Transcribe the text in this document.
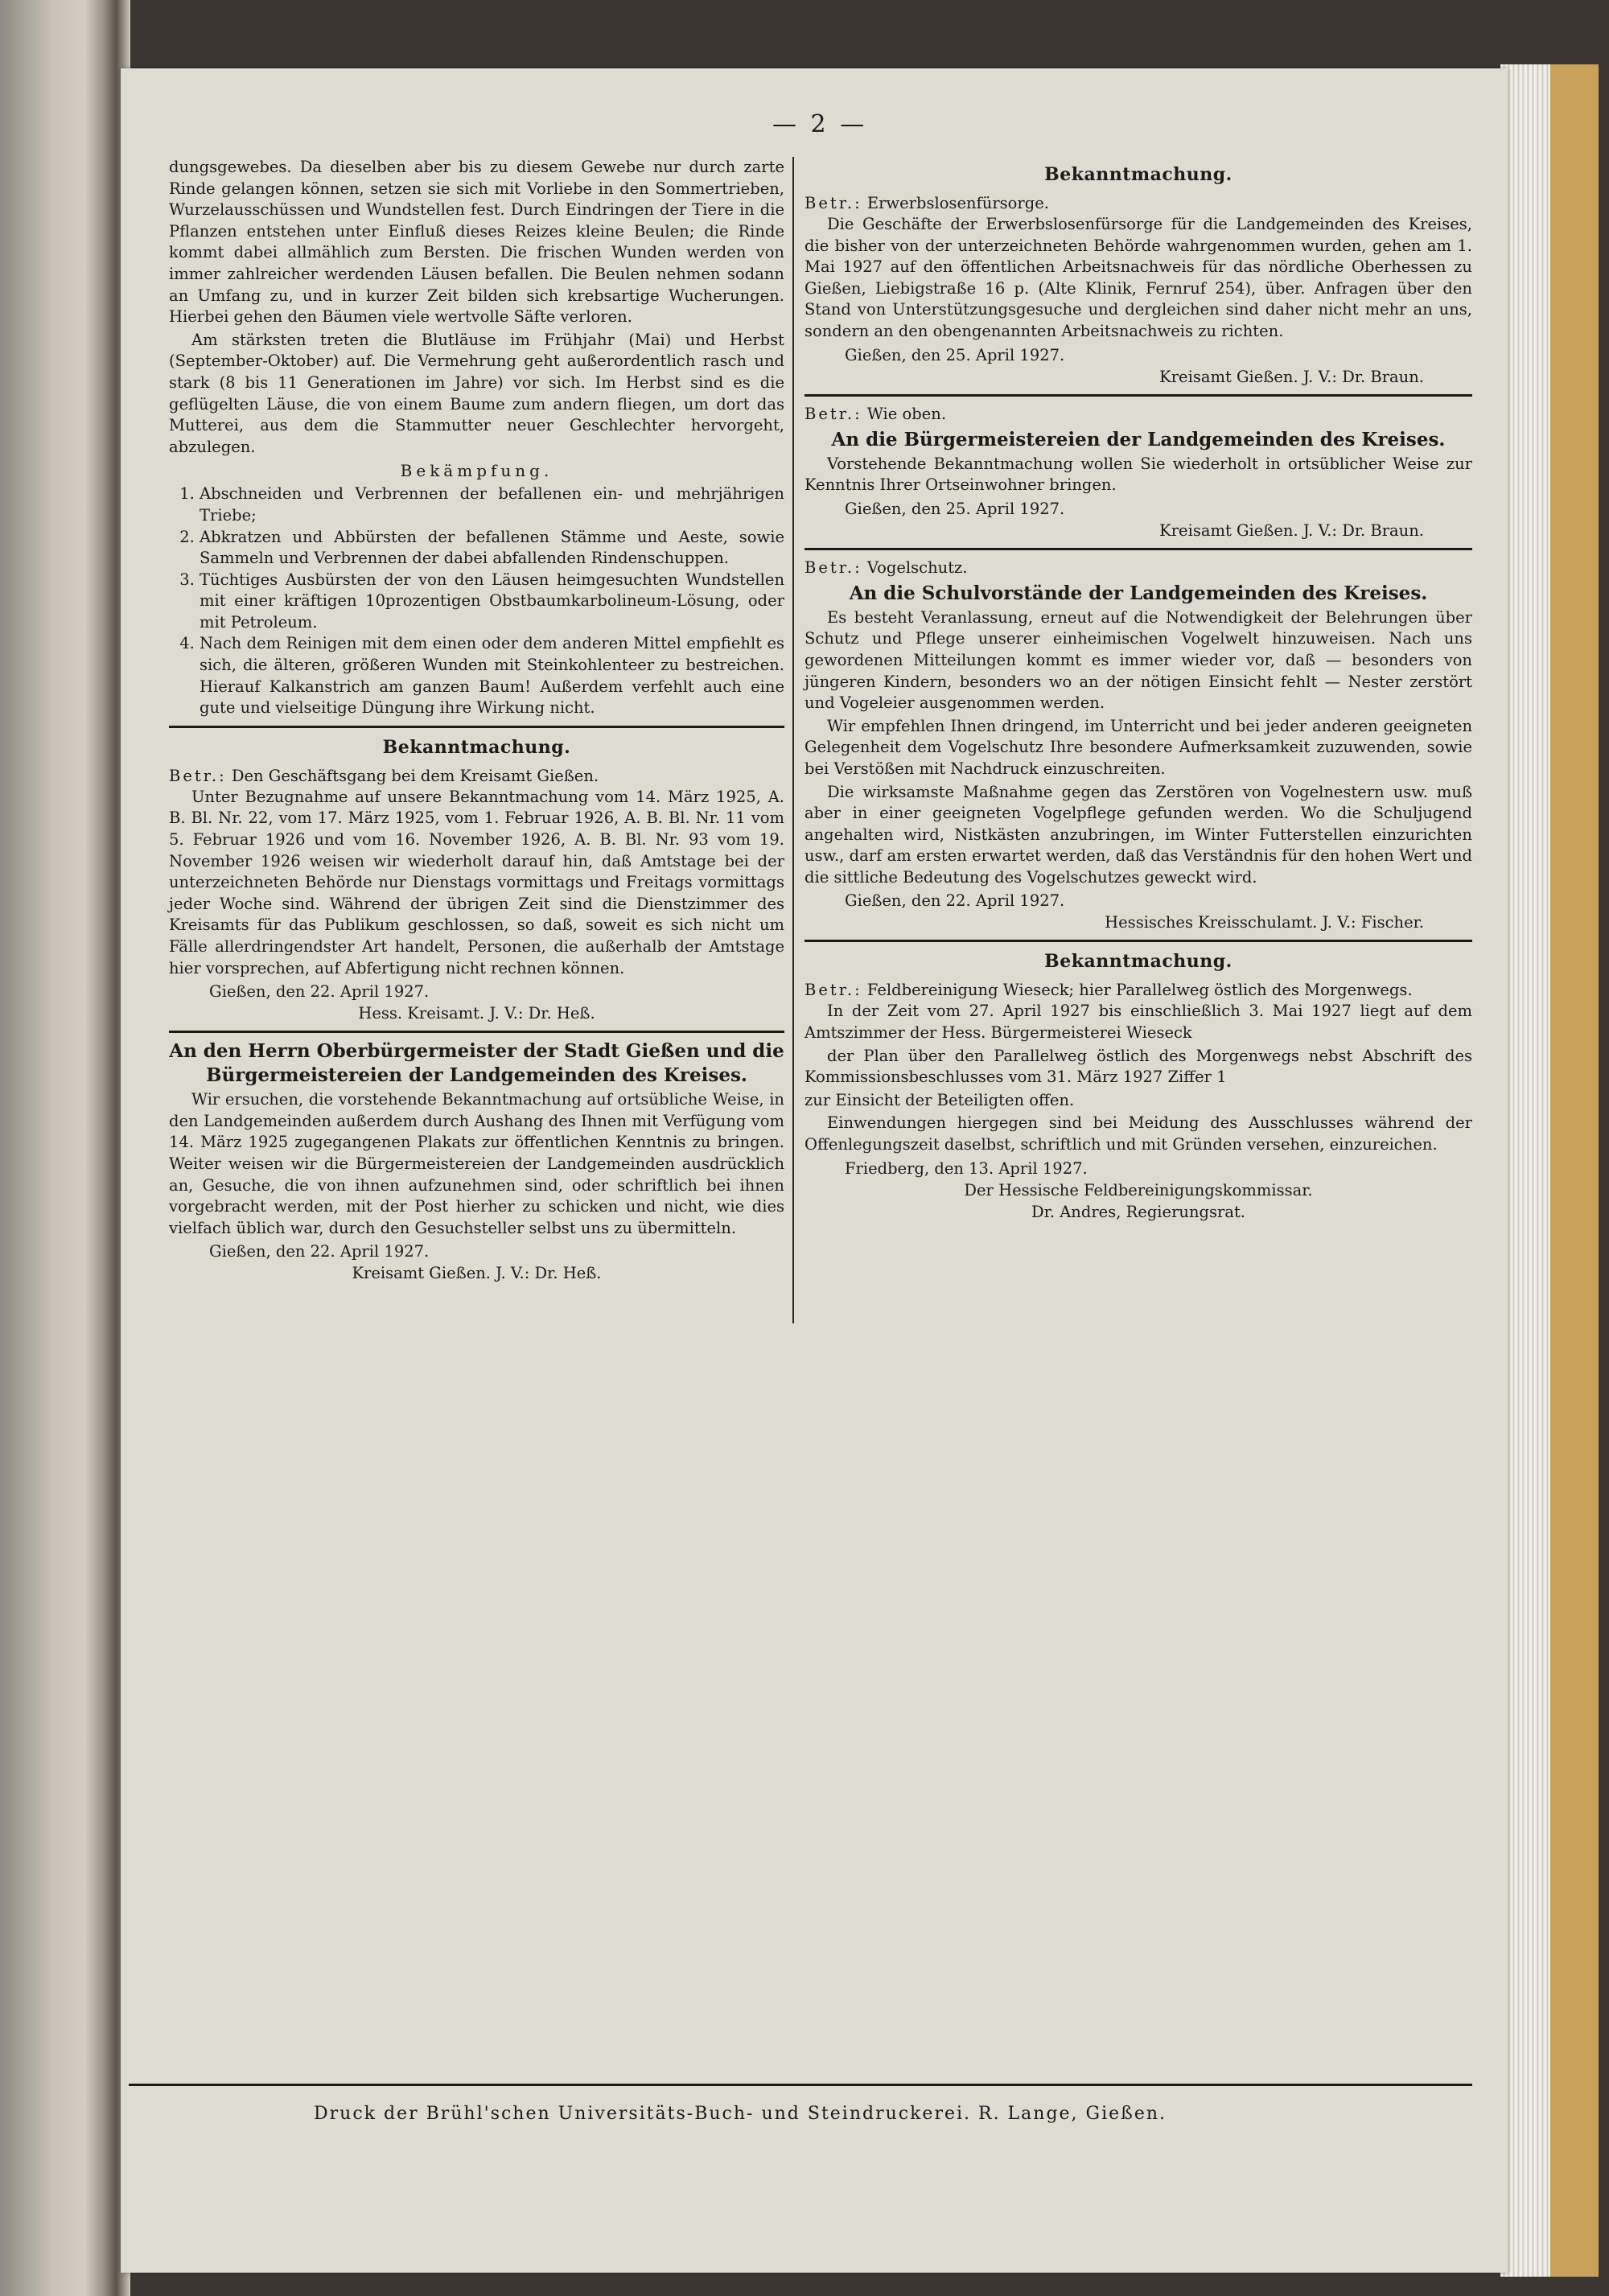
— 2 —

dungsgewebes. Da dieselben aber bis zu diesem Gewebe nur durch zarte Rinde gelangen können, setzen sie sich mit Vorliebe in den Sommertrieben, Wurzelausschüssen und Wundstellen fest. Durch Eindringen der Tiere in die Pflanzen entstehen unter Einfluß dieses Reizes kleine Beulen; die Rinde kommt dabei allmählich zum Bersten. Die frischen Wunden werden von immer zahlreicher werdenden Läusen befallen. Die Beulen nehmen sodann an Umfang zu, und in kurzer Zeit bilden sich krebsartige Wucherungen. Hierbei gehen den Bäumen viele wertvolle Säfte verloren.

Am stärksten treten die Blutläuse im Frühjahr (Mai) und Herbst (September-Oktober) auf. Die Vermehrung geht außerordentlich rasch und stark (8 bis 11 Generationen im Jahre) vor sich. Im Herbst sind es die geflügelten Läuse, die von einem Baume zum andern fliegen, um dort das Mutterei, aus dem die Stammutter neuer Geschlechter hervorgeht, abzulegen.

Bekämpfung.
1. Abschneiden und Verbrennen der befallenen ein- und mehrjährigen Triebe;
2. Abkratzen und Abbürsten der befallenen Stämme und Aeste, sowie Sammeln und Verbrennen der dabei abfallenden Rindenschuppen.
3. Tüchtiges Ausbürsten der von den Läusen heimgesuchten Wundstellen mit einer kräftigen 10prozentigen Obstbaumkarbolineum-Lösung, oder mit Petroleum.
4. Nach dem Reinigen mit dem einen oder dem anderen Mittel empfiehlt es sich, die älteren, größeren Wunden mit Steinkohlenteer zu bestreichen. Hierauf Kalkanstrich am ganzen Baum! Außerdem verfehlt auch eine gute und vielseitige Düngung ihre Wirkung nicht.
Bekanntmachung.

Betr.: Den Geschäftsgang bei dem Kreisamt Gießen.

Unter Bezugnahme auf unsere Bekanntmachung vom 14. März 1925, A. B. Bl. Nr. 22, vom 17. März 1925, vom 1. Februar 1926, A. B. Bl. Nr. 11 vom 5. Februar 1926 und vom 16. November 1926, A. B. Bl. Nr. 93 vom 19. November 1926 weisen wir wiederholt darauf hin, daß Amtstage bei der unterzeichneten Behörde nur Dienstags vormittags und Freitags vormittags jeder Woche sind. Während der übrigen Zeit sind die Dienstzimmer des Kreisamts für das Publikum geschlossen, so daß, soweit es sich nicht um Fälle allerdringendster Art handelt, Personen, die außerhalb der Amtstage hier vorsprechen, auf Abfertigung nicht rechnen können.

Gießen, den 22. April 1927.

Hess. Kreisamt. J. V.: Dr. Heß.

An den Herrn Oberbürgermeister der Stadt Gießen und die Bürgermeistereien der Landgemeinden des Kreises.

Wir ersuchen, die vorstehende Bekanntmachung auf ortsübliche Weise, in den Landgemeinden außerdem durch Aushang des Ihnen mit Verfügung vom 14. März 1925 zugegangenen Plakats zur öffentlichen Kenntnis zu bringen. Weiter weisen wir die Bürgermeistereien der Landgemeinden ausdrücklich an, Gesuche, die von ihnen aufzunehmen sind, oder schriftlich bei ihnen vorgebracht werden, mit der Post hierher zu schicken und nicht, wie dies vielfach üblich war, durch den Gesuchsteller selbst uns zu übermitteln.

Gießen, den 22. April 1927.

Kreisamt Gießen. J. V.: Dr. Heß.

Bekanntmachung.

Betr.: Erwerbslosenfürsorge.

Die Geschäfte der Erwerbslosenfürsorge für die Landgemeinden des Kreises, die bisher von der unterzeichneten Behörde wahrgenommen wurden, gehen am 1. Mai 1927 auf den öffentlichen Arbeitsnachweis für das nördliche Oberhessen zu Gießen, Liebigstraße 16 p. (Alte Klinik, Fernruf 254), über. Anfragen über den Stand von Unterstützungsgesuche und dergleichen sind daher nicht mehr an uns, sondern an den obengenannten Arbeitsnachweis zu richten.

Gießen, den 25. April 1927.

Kreisamt Gießen. J. V.: Dr. Braun.

Betr.: Wie oben.

An die Bürgermeistereien der Landgemeinden des Kreises.

Vorstehende Bekanntmachung wollen Sie wiederholt in ortsüblicher Weise zur Kenntnis Ihrer Ortseinwohner bringen.

Gießen, den 25. April 1927.

Kreisamt Gießen. J. V.: Dr. Braun.

Betr.: Vogelschutz.

An die Schulvorstände der Landgemeinden des Kreises.

Es besteht Veranlassung, erneut auf die Notwendigkeit der Belehrungen über Schutz und Pflege unserer einheimischen Vogelwelt hinzuweisen. Nach uns gewordenen Mitteilungen kommt es immer wieder vor, daß — besonders von jüngeren Kindern, besonders wo an der nötigen Einsicht fehlt — Nester zerstört und Vogeleier ausgenommen werden.

Wir empfehlen Ihnen dringend, im Unterricht und bei jeder anderen geeigneten Gelegenheit dem Vogelschutz Ihre besondere Aufmerksamkeit zuzuwenden, sowie bei Verstößen mit Nachdruck einzuschreiten.

Die wirksamste Maßnahme gegen das Zerstören von Vogelnestern usw. muß aber in einer geeigneten Vogelpflege gefunden werden. Wo die Schuljugend angehalten wird, Nistkästen anzubringen, im Winter Futterstellen einzurichten usw., darf am ersten erwartet werden, daß das Verständnis für den hohen Wert und die sittliche Bedeutung des Vogelschutzes geweckt wird.

Gießen, den 22. April 1927.

Hessisches Kreisschulamt. J. V.: Fischer.

Bekanntmachung.

Betr.: Feldbereinigung Wieseck; hier Parallelweg östlich des Morgenwegs.

In der Zeit vom 27. April 1927 bis einschließlich 3. Mai 1927 liegt auf dem Amtszimmer der Hess. Bürgermeisterei Wieseck

der Plan über den Parallelweg östlich des Morgenwegs nebst Abschrift des Kommissionsbeschlusses vom 31. März 1927 Ziffer 1

zur Einsicht der Beteiligten offen.

Einwendungen hiergegen sind bei Meidung des Ausschlusses während der Offenlegungszeit daselbst, schriftlich und mit Gründen versehen, einzureichen.

Friedberg, den 13. April 1927.

Der Hessische Feldbereinigungskommissar.

Dr. Andres, Regierungsrat.

Druck der Brühl'schen Universitäts-Buch- und Steindruckerei. R. Lange, Gießen.
